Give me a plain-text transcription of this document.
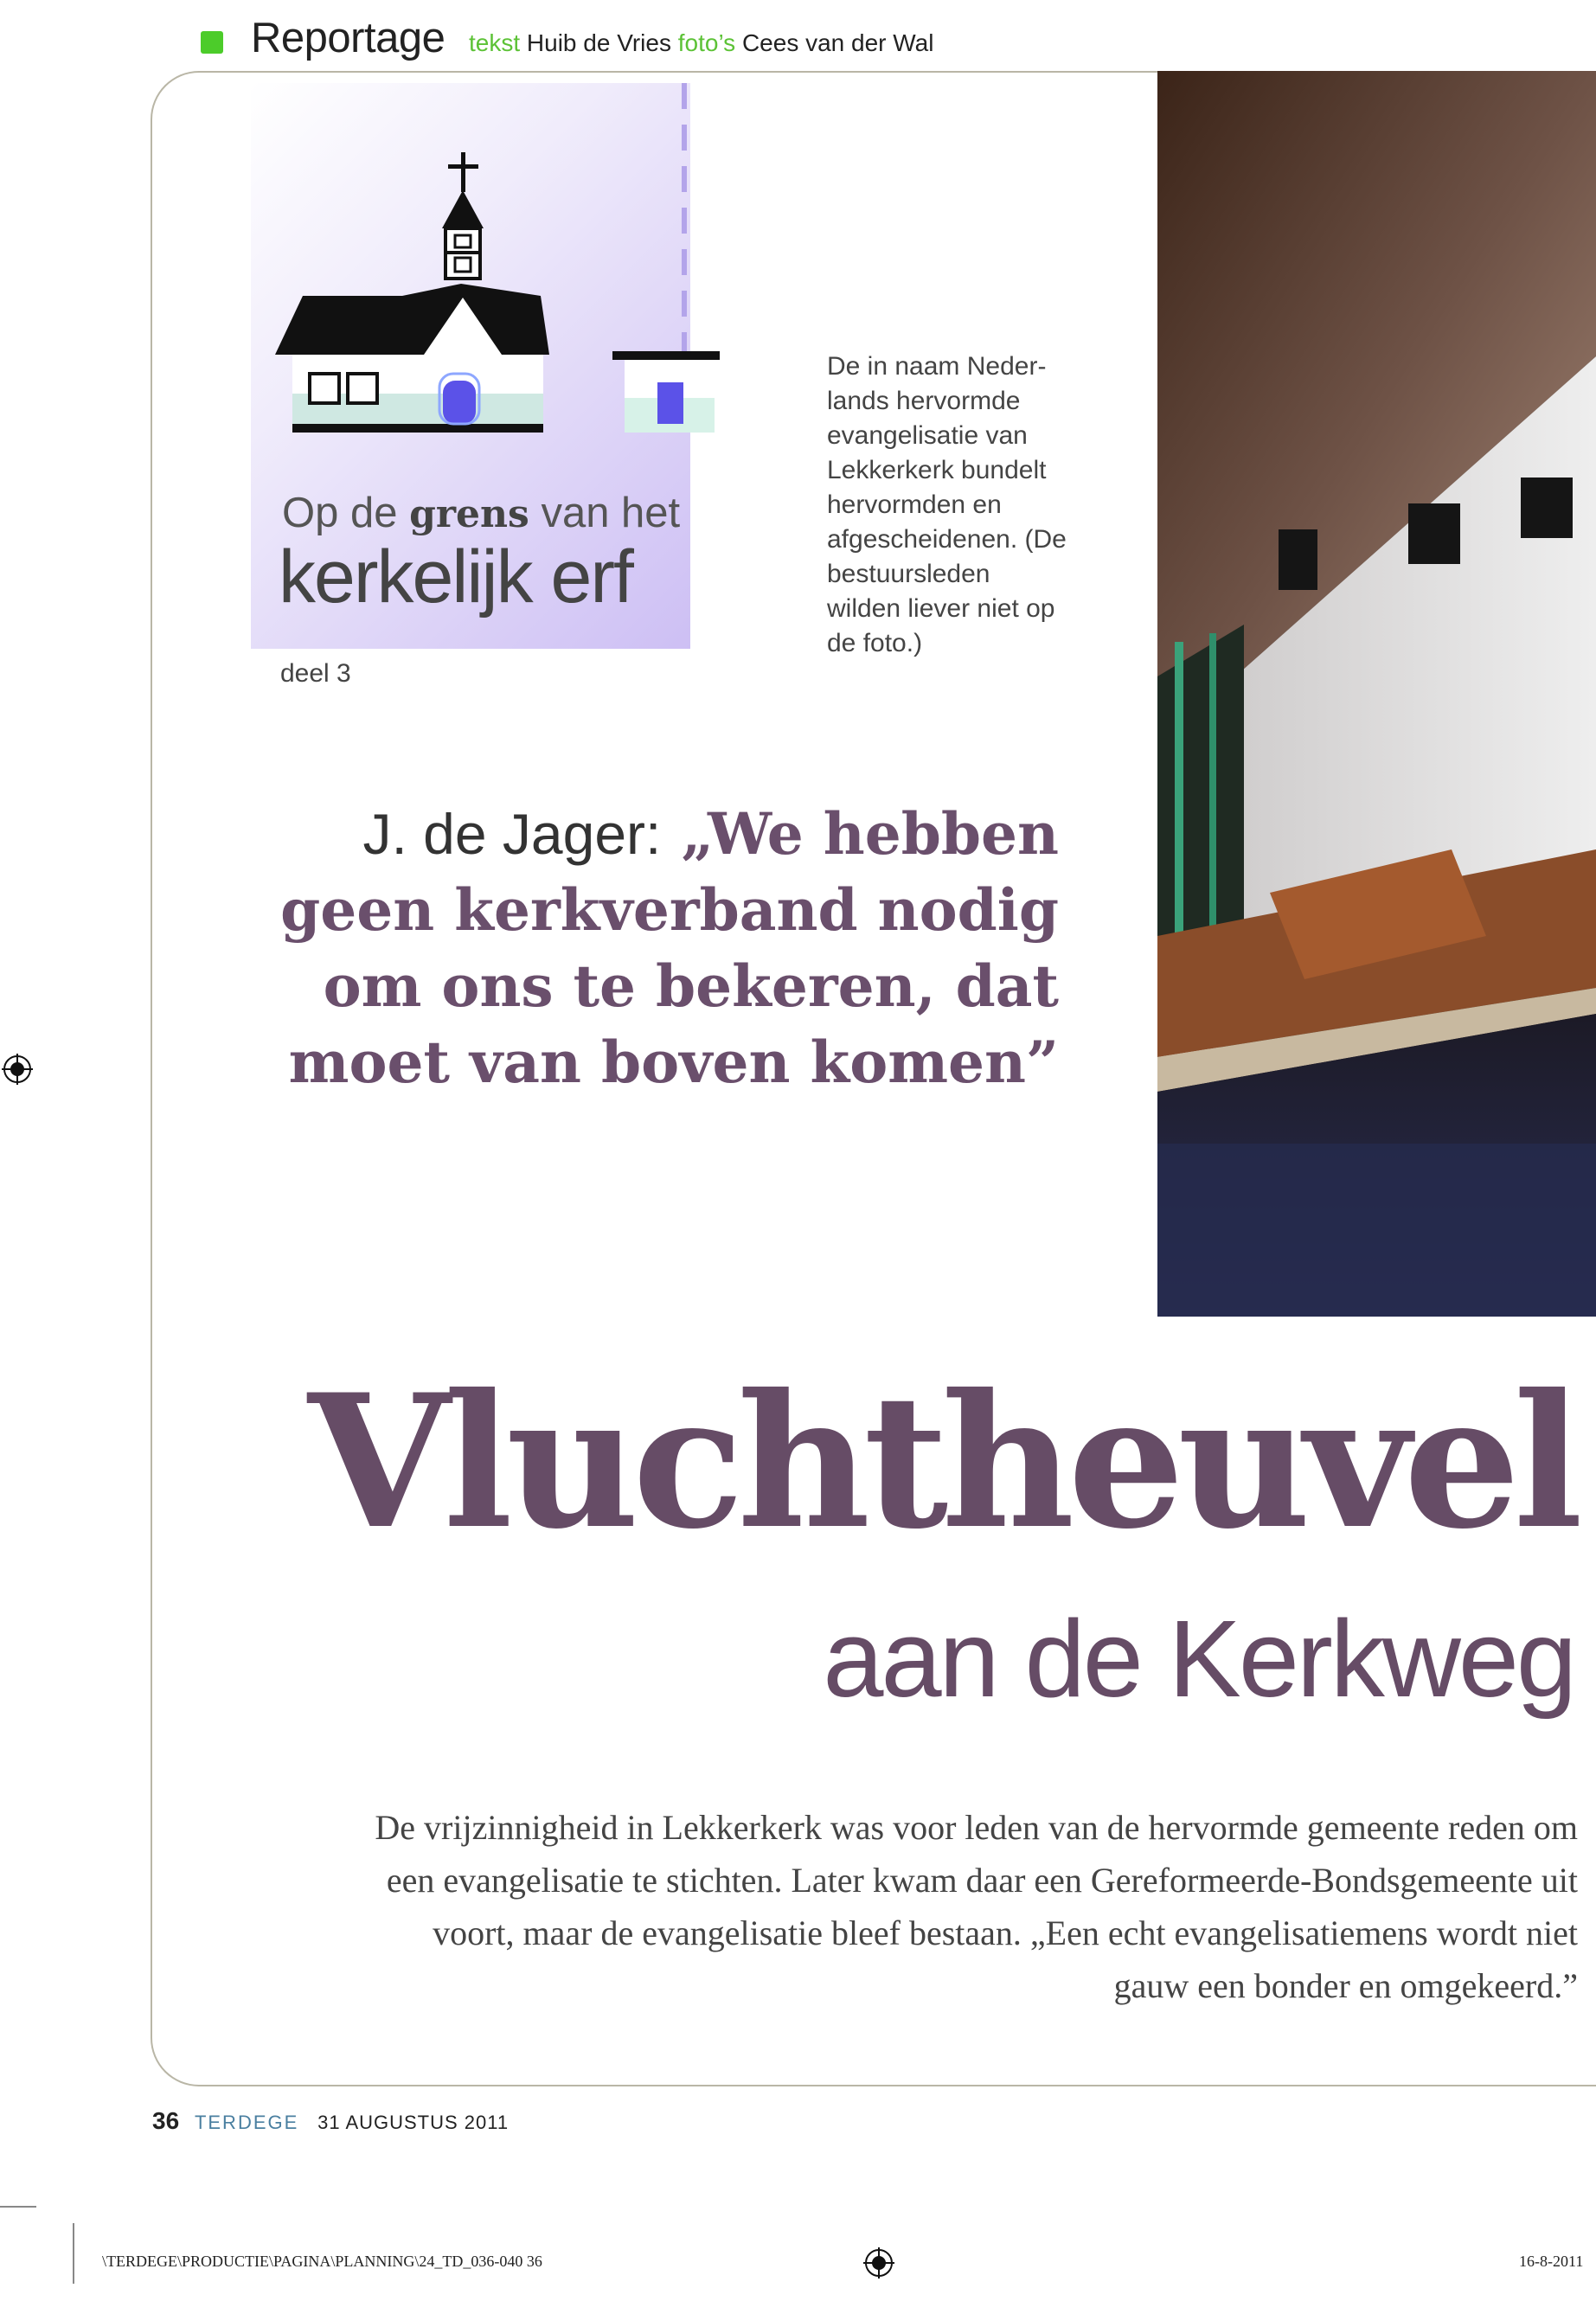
Reportage tekst Huib de Vries foto’s Cees van der Wal
Op de grens van het
kerkelijk erf
deel 3
De in naam Neder-lands hervormde evangelisatie van Lekkerkerk bundelt hervormden en afgescheidenen. (De bestuursleden wilden liever niet op de foto.)
J. de Jager: „We hebben geen kerkverband nodig om ons te bekeren, dat moet van boven komen”
Vluchtheuvel
aan de Kerkweg
De vrijzinnigheid in Lekkerkerk was voor leden van de hervormde gemeente reden om een evangelisatie te stichten. Later kwam daar een Gereformeerde-Bondsgemeente uit voort, maar de evangelisatie bleef bestaan. „Een echt evangelisatiemens wordt niet gauw een bonder en omgekeerd.”
36 TERDEGE 31 AUGUSTUS 2011
\TERDEGE\PRODUCTIE\PAGINA\PLANNING\24_TD_036-040 36	16-8-2011
